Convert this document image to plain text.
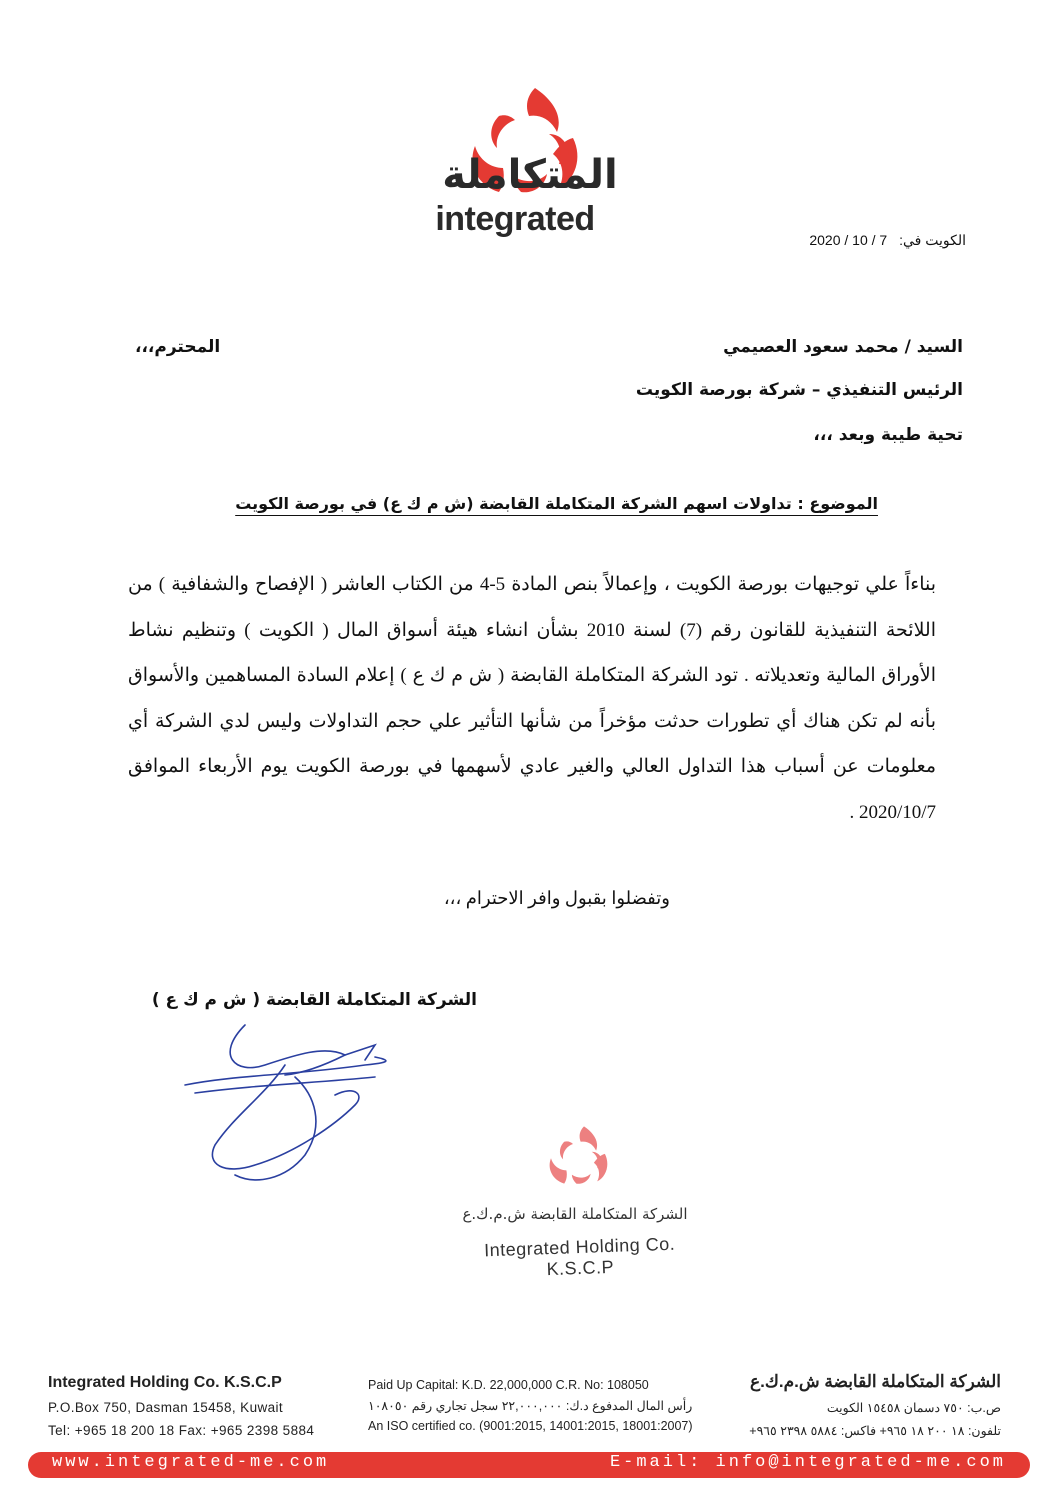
المتكاملة
integrated
الكويت في: 2020 / 10 / 7
السيد / محمد سعود العصيمي
المحترم،،،
الرئيس التنفيذي – شركة بورصة الكويت
تحية طيبة وبعد ،،،
الموضوع : تداولات اسهم الشركة المتكاملة القابضة (ش م ك ع) في بورصة الكويت
بناءاً علي توجيهات بورصة الكويت ، وإعمالاً بنص المادة 5-4 من الكتاب العاشر ( الإفصاح والشفافية ) من اللائحة التنفيذية للقانون رقم (7) لسنة 2010 بشأن انشاء هيئة أسواق المال ( الكويت ) وتنظيم نشاط الأوراق المالية وتعديلاته . تود الشركة المتكاملة القابضة ( ش م ك ع ) إعلام السادة المساهمين والأسواق بأنه لم تكن هناك أي تطورات حدثت مؤخراً من شأنها التأثير علي حجم التداولات وليس لدي الشركة أي معلومات عن أسباب هذا التداول العالي والغير عادي لأسهمها في بورصة الكويت يوم الأربعاء الموافق 2020/10/7 .
وتفضلوا بقبول وافر الاحترام ،،،
الشركة المتكاملة القابضة ( ش م ك ع )
الشركة المتكاملة القابضة ش.م.ك.ع
Integrated Holding Co. K.S.C.P
Integrated Holding Co. K.S.C.P
P.O.Box 750, Dasman 15458, Kuwait
Tel: +965 18 200 18 Fax: +965 2398 5884
Paid Up Capital: K.D. 22,000,000 C.R. No: 108050
رأس المال المدفوع د.ك: ٢٢,٠٠٠,٠٠٠ سجل تجاري رقم ١٠٨٠٥٠
An ISO certified co. (9001:2015, 14001:2015, 18001:2007)
الشركة المتكاملة القابضة ش.م.ك.ع
ص.ب: ٧٥٠ دسمان ١٥٤٥٨ الكويت
تلفون: ١٨ ٢٠٠ ١٨ ٩٦٥+ فاكس: ٥٨٨٤ ٢٣٩٨ ٩٦٥+
www.integrated-me.com	E-mail: info@integrated-me.com
